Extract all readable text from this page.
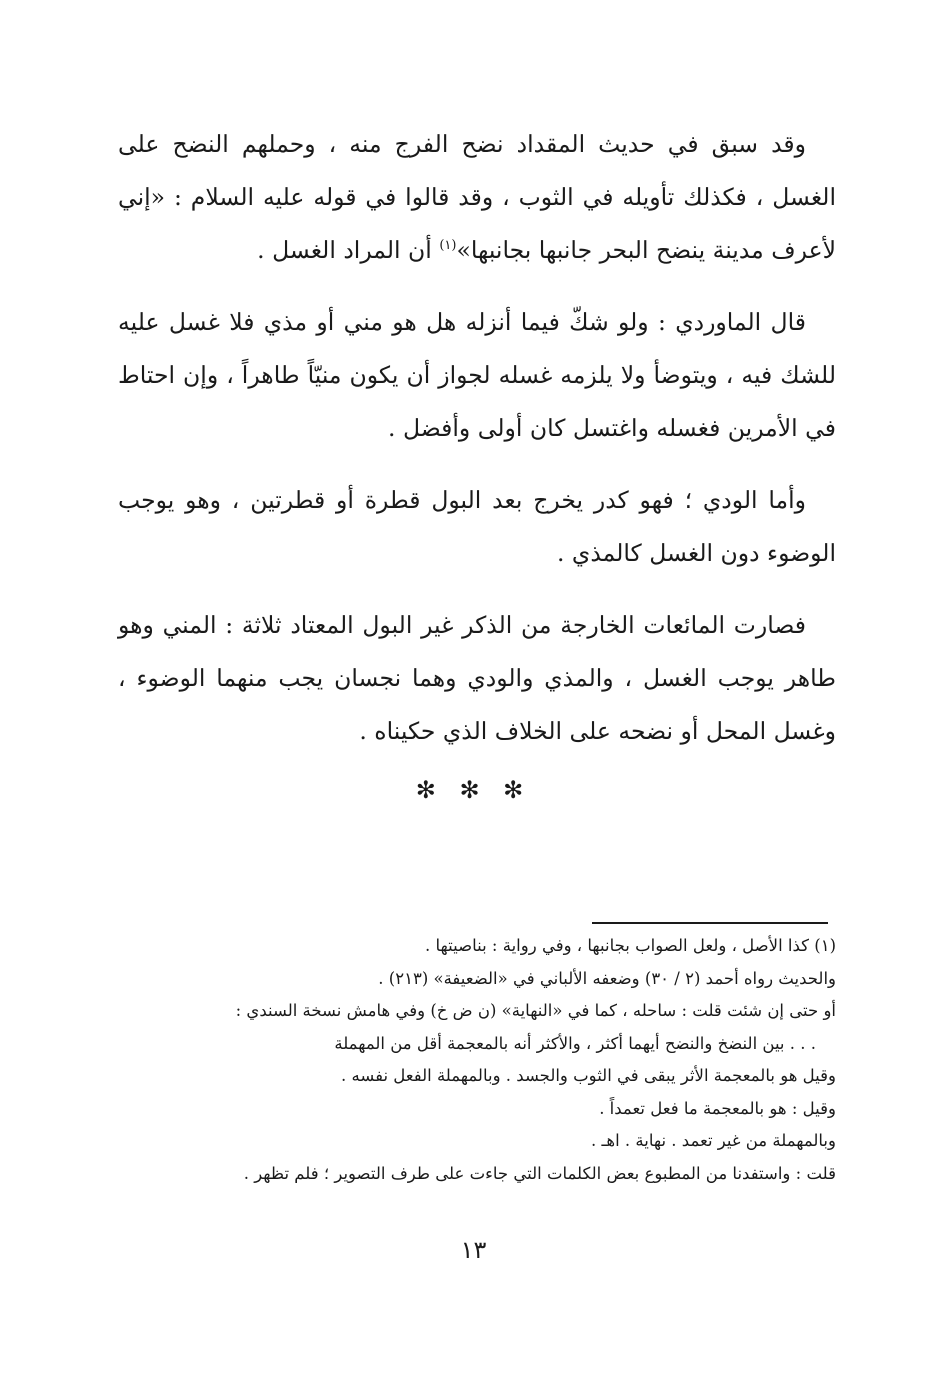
وقد سبق في حديث المقداد نضح الفرج منه ، وحملهم النضح على الغسل ، فكذلك تأويله في الثوب ، وقد قالوا في قوله عليه السلام : «إني لأعرف مدينة ينضح البحر جانبها بجانبها»$^{(١)}$ أن المراد الغسل .

قال الماوردي : ولو شكّ فيما أنزله هل هو مني أو مذي فلا غسل عليه للشك فيه ، ويتوضأ ولا يلزمه غسله لجواز أن يكون منيّاً طاهراً ، وإن احتاط في الأمرين فغسله واغتسل كان أولى وأفضل .

وأما الودي ؛ فهو كدر يخرج بعد البول قطرة أو قطرتين ، وهو يوجب الوضوء دون الغسل كالمذي .

فصارت المائعات الخارجة من الذكر غير البول المعتاد ثلاثة : المني وهو طاهر يوجب الغسل ، والمذي والودي وهما نجسان يجب منهما الوضوء ، وغسل المحل أو نضحه على الخلاف الذي حكيناه .

✻ ✻ ✻

(١) كذا الأصل ، ولعل الصواب بجانبها ، وفي رواية : بناصيتها .

والحديث رواه أحمد (٢ / ٣٠) وضعفه الألباني في «الضعيفة» (٢١٣) .

أو حتى إن شئت قلت : ساحله ، كما في «النهاية» (ن ض خ) وفي هامش نسخة السندي :

. . . بين النضخ والنضح أيهما أكثر ، والأكثر أنه بالمعجمة أقل من المهملة

وقيل هو بالمعجمة الأثر يبقى في الثوب والجسد . وبالمهملة الفعل نفسه .

وقيل : هو بالمعجمة ما فعل تعمداً .

وبالمهملة من غير تعمد . نهاية . اهـ .

قلت : واستفدنا من المطبوع بعض الكلمات التي جاءت على طرف التصوير ؛ فلم تظهر .

١٣
